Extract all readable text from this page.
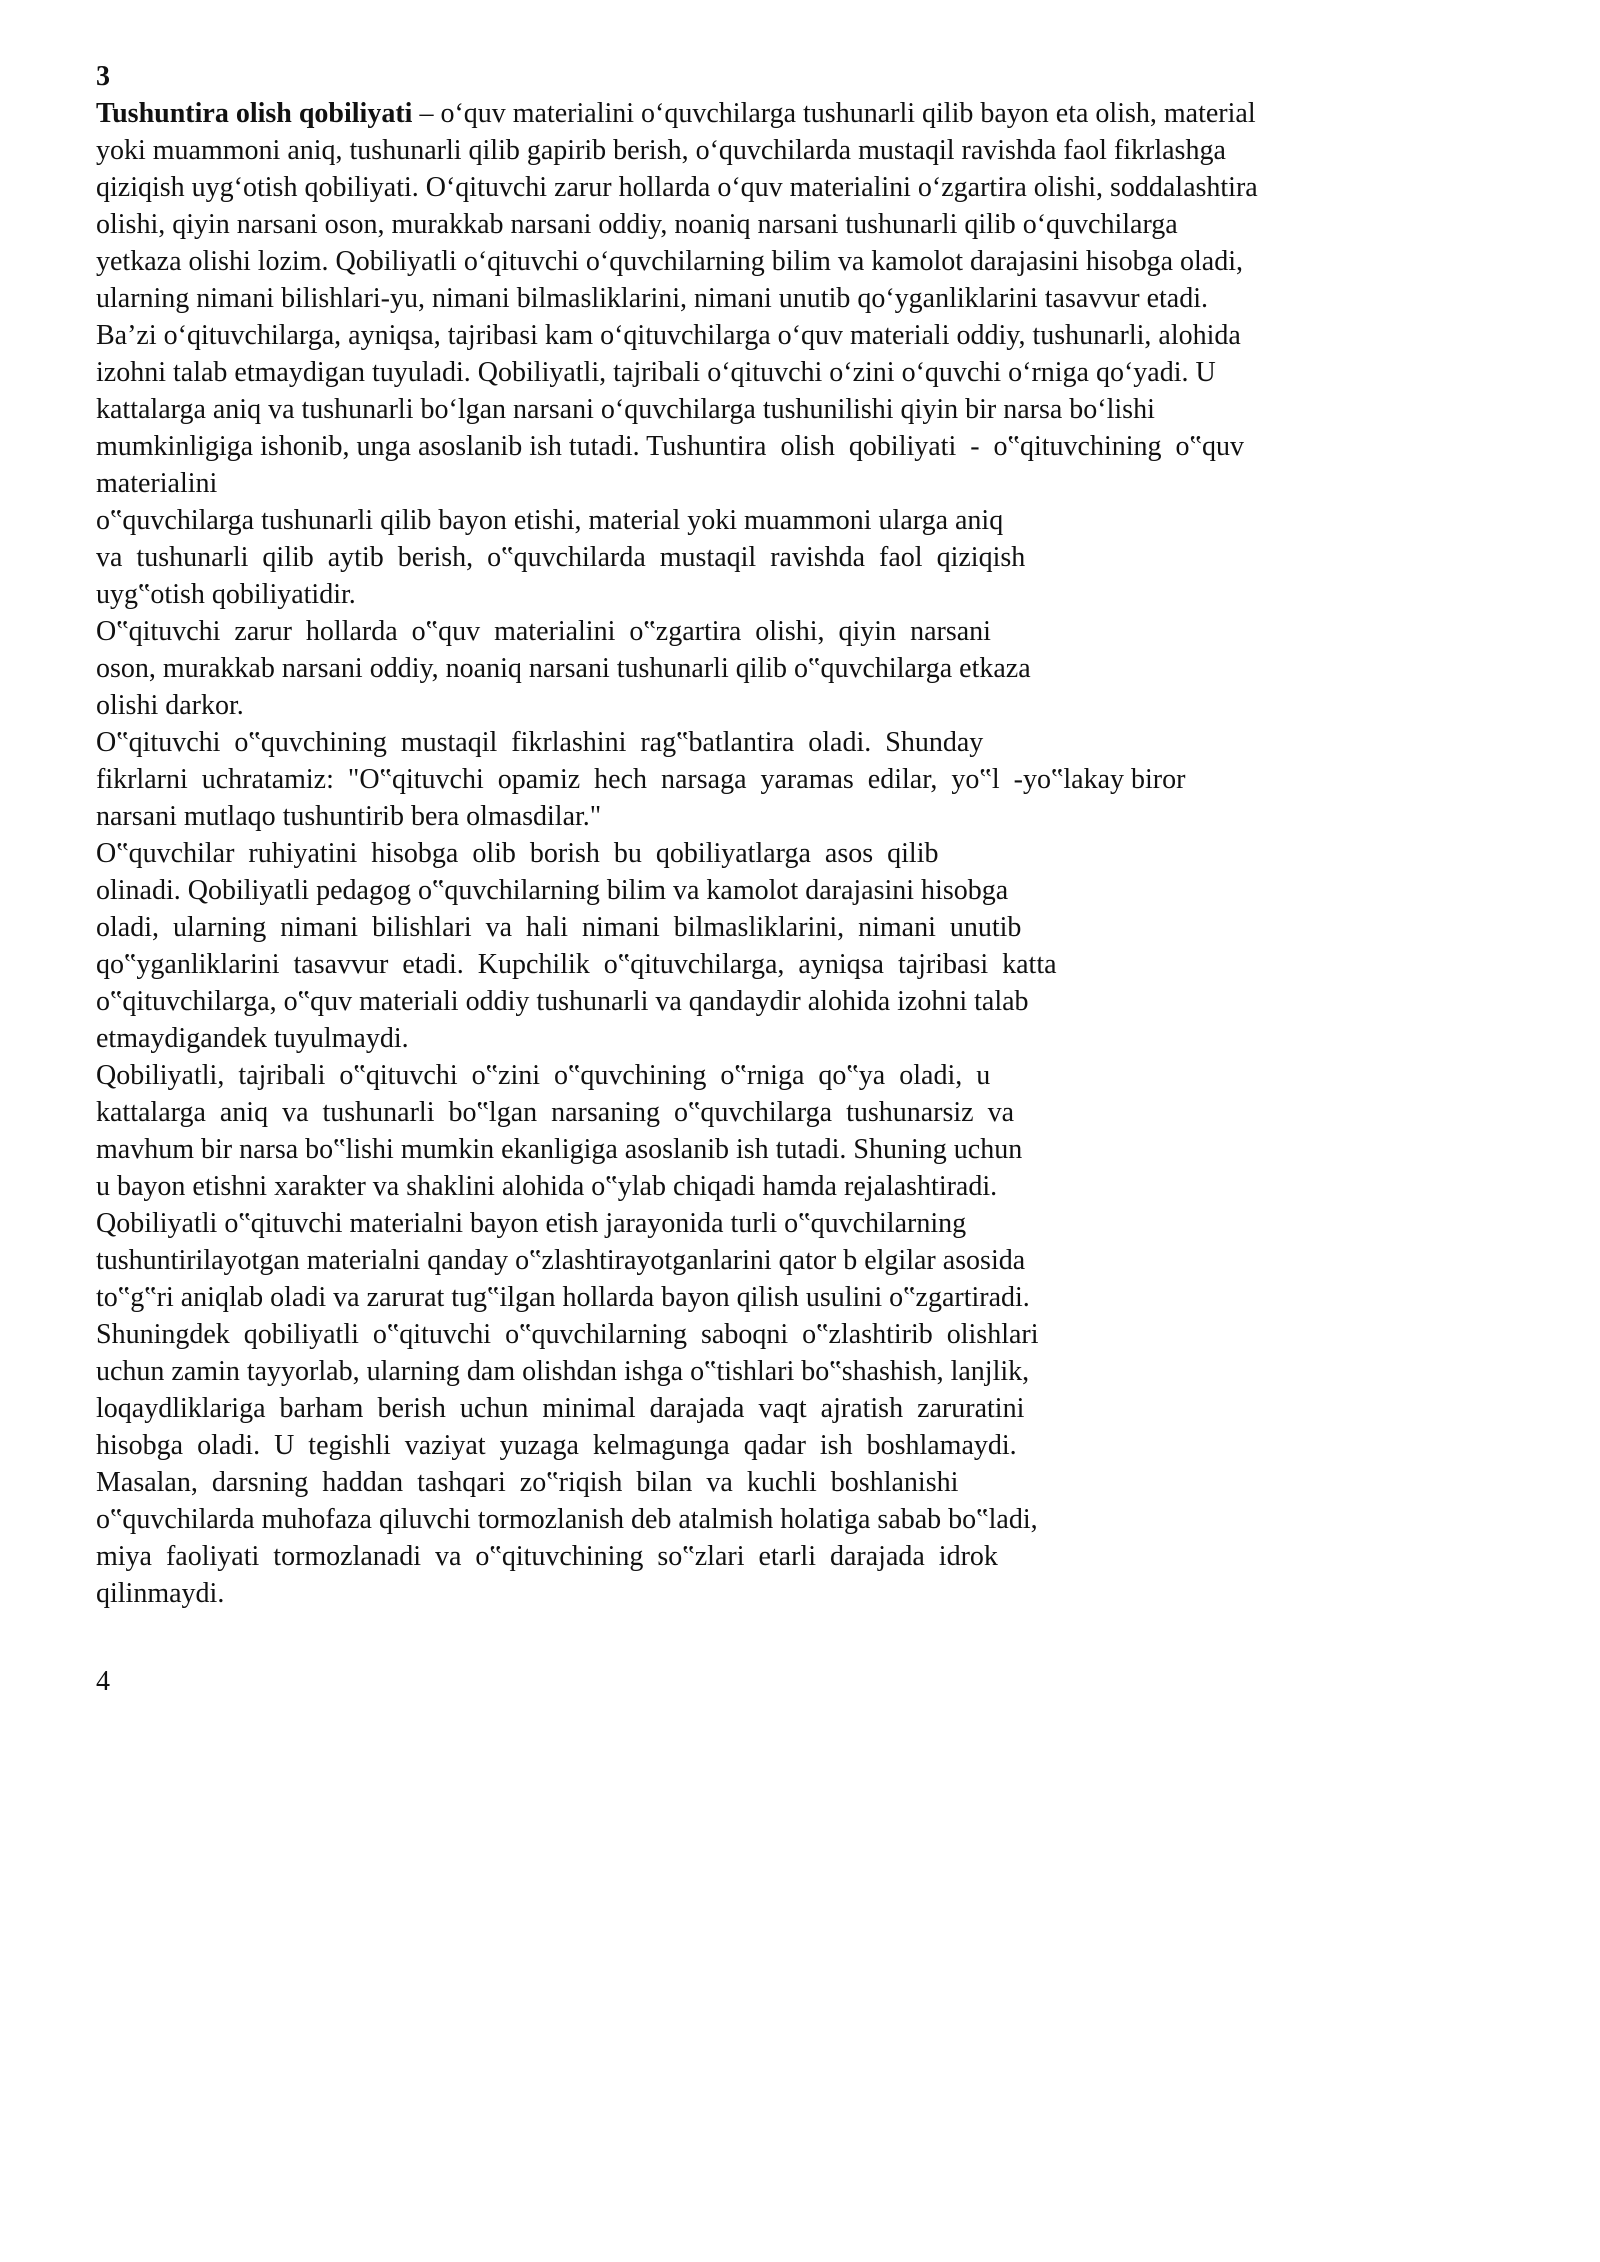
3
Tushuntira olish qobiliyati – o‘quv materialini o‘quvchilarga tushunarli qilib bayon eta olish, material
yoki muammoni aniq, tushunarli qilib gapirib berish, o‘quvchilarda mustaqil ravishda faol fikrlashga
qiziqish uyg‘otish qobiliyati. O‘qituvchi zarur hollarda o‘quv materialini o‘zgartira olishi, soddalashtira
olishi, qiyin narsani oson, murakkab narsani oddiy, noaniq narsani tushunarli qilib o‘quvchilarga
yetkaza olishi lozim. Qobiliyatli o‘qituvchi o‘quvchilarning bilim va kamolot darajasini hisobga oladi,
ularning nimani bilishlari-yu, nimani bilmasliklarini, nimani unutib qo‘yganliklarini tasavvur etadi.
Ba’zi o‘qituvchilarga, ayniqsa, tajribasi kam o‘qituvchilarga o‘quv materiali oddiy, tushunarli, alohida
izohni talab etmaydigan tuyuladi. Qobiliyatli, tajribali o‘qituvchi o‘zini o‘quvchi o‘rniga qo‘yadi. U
kattalarga aniq va tushunarli bo‘lgan narsani o‘quvchilarga tushunilishi qiyin bir narsa bo‘lishi
mumkinligiga ishonib, unga asoslanib ish tutadi. Tushuntira  olish  qobiliyati  -  o‟qituvchining  o‟quv
materialini
o‟quvchilarga tushunarli qilib bayon etishi, material yoki muammoni ularga aniq
va  tushunarli  qilib  aytib  berish,  o‟quvchilarda  mustaqil  ravishda  faol  qiziqish
uyg‟otish qobiliyatidir.
O‟qituvchi  zarur  hollarda  o‟quv  materialini  o‟zgartira  olishi,  qiyin  narsani
oson, murakkab narsani oddiy, noaniq narsani tushunarli qilib o‟quvchilarga etkaza
olishi darkor.
O‟qituvchi  o‟quvchining  mustaqil  fikrlashini  rag‟batlantira  oladi.  Shunday
fikrlarni  uchratamiz:  "O‟qituvchi  opamiz  hech  narsaga  yaramas  edilar,  yo‟l  -yo‟lakay biror
narsani mutlaqo tushuntirib bera olmasdilar."
O‟quvchilar  ruhiyatini  hisobga  olib  borish  bu  qobiliyatlarga  asos  qilib
olinadi. Qobiliyatli pedagog o‟quvchilarning bilim va kamolot darajasini hisobga
oladi,  ularning  nimani  bilishlari  va  hali  nimani  bilmasliklarini,  nimani  unutib
qo‟yganliklarini  tasavvur  etadi.  Kupchilik  o‟qituvchilarga,  ayniqsa  tajribasi  katta
o‟qituvchilarga, o‟quv materiali oddiy tushunarli va qandaydir alohida izohni talab
etmaydigandek tuyulmaydi.
Qobiliyatli,  tajribali  o‟qituvchi  o‟zini  o‟quvchining  o‟rniga  qo‟ya  oladi,  u
kattalarga  aniq  va  tushunarli  bo‟lgan  narsaning  o‟quvchilarga  tushunarsiz  va
mavhum bir narsa bo‟lishi mumkin ekanligiga asoslanib ish tutadi. Shuning uchun
u bayon etishni xarakter va shaklini alohida o‟ylab chiqadi hamda rejalashtiradi.
Qobiliyatli o‟qituvchi materialni bayon etish jarayonida turli o‟quvchilarning
tushuntirilayotgan materialni qanday o‟zlashtirayotganlarini qator b elgilar asosida
to‟g‟ri aniqlab oladi va zarurat tug‟ilgan hollarda bayon qilish usulini o‟zgartiradi.
Shuningdek  qobiliyatli  o‟qituvchi  o‟quvchilarning  saboqni  o‟zlashtirib  olishlari
uchun zamin tayyorlab, ularning dam olishdan ishga o‟tishlari bo‟shashish, lanjlik,
loqaydliklariga  barham  berish  uchun  minimal  darajada  vaqt  ajratish  zaruratini
hisobga  oladi.  U  tegishli  vaziyat  yuzaga  kelmagunga  qadar  ish  boshlamaydi.
Masalan,  darsning  haddan  tashqari  zo‟riqish  bilan  va  kuchli  boshlanishi
o‟quvchilarda muhofaza qiluvchi tormozlanish deb atalmish holatiga sabab bo‟ladi,
miya  faoliyati  tormozlanadi  va  o‟qituvchining  so‟zlari  etarli  darajada  idrok
qilinmaydi.
4
